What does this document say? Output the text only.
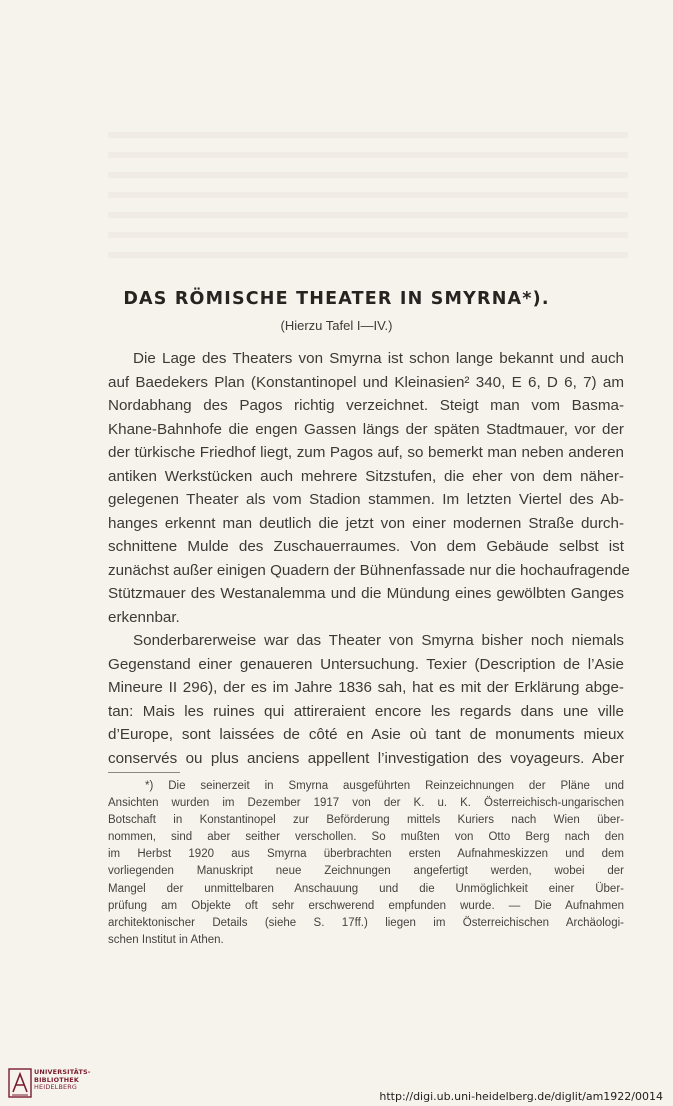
DAS RÖMISCHE THEATER IN SMYRNA*).
(Hierzu Tafel I—IV.)
Die Lage des Theaters von Smyrna ist schon lange bekannt und auch
auf Baedekers Plan (Konstantinopel und Kleinasien² 340, E 6, D 6, 7) am
Nordabhang des Pagos richtig verzeichnet. Steigt man vom Basma-
Khane-Bahnhofe die engen Gassen längs der späten Stadtmauer, vor der
der türkische Friedhof liegt, zum Pagos auf, so bemerkt man neben anderen
antiken Werkstücken auch mehrere Sitzstufen, die eher von dem näher-
gelegenen Theater als vom Stadion stammen. Im letzten Viertel des Ab-
hanges erkennt man deutlich die jetzt von einer modernen Straße durch-
schnittene Mulde des Zuschauerraumes. Von dem Gebäude selbst ist
zunächst außer einigen Quadern der Bühnenfassade nur die hochaufragende
Stützmauer des Westanalemma und die Mündung eines gewölbten Ganges
erkennbar.
Sonderbarerweise war das Theater von Smyrna bisher noch niemals
Gegenstand einer genaueren Untersuchung. Texier (Description de l’Asie
Mineure II 296), der es im Jahre 1836 sah, hat es mit der Erklärung abge-
tan: Mais les ruines qui attireraient encore les regards dans une ville
d’Europe, sont laissées de côté en Asie où tant de monuments mieux
conservés ou plus anciens appellent l’investigation des voyageurs. Aber
*) Die seinerzeit in Smyrna ausgeführten Reinzeichnungen der Pläne und
Ansichten wurden im Dezember 1917 von der K. u. K. Österreichisch-ungarischen
Botschaft in Konstantinopel zur Beförderung mittels Kuriers nach Wien über-
nommen, sind aber seither verschollen. So mußten von Otto Berg nach den
im Herbst 1920 aus Smyrna überbrachten ersten Aufnahmeskizzen und dem
vorliegenden Manuskript neue Zeichnungen angefertigt werden, wobei der
Mangel der unmittelbaren Anschauung und die Unmöglichkeit einer Über-
prüfung am Objekte oft sehr erschwerend empfunden wurde. — Die Aufnahmen
architektonischer Details (siehe S. 17ff.) liegen im Österreichischen Archäologi-
schen Institut in Athen.
UNIVERSITÄTS-
BIBLIOTHEK
HEIDELBERG
http://digi.ub.uni-heidelberg.de/diglit/am1922/0014
